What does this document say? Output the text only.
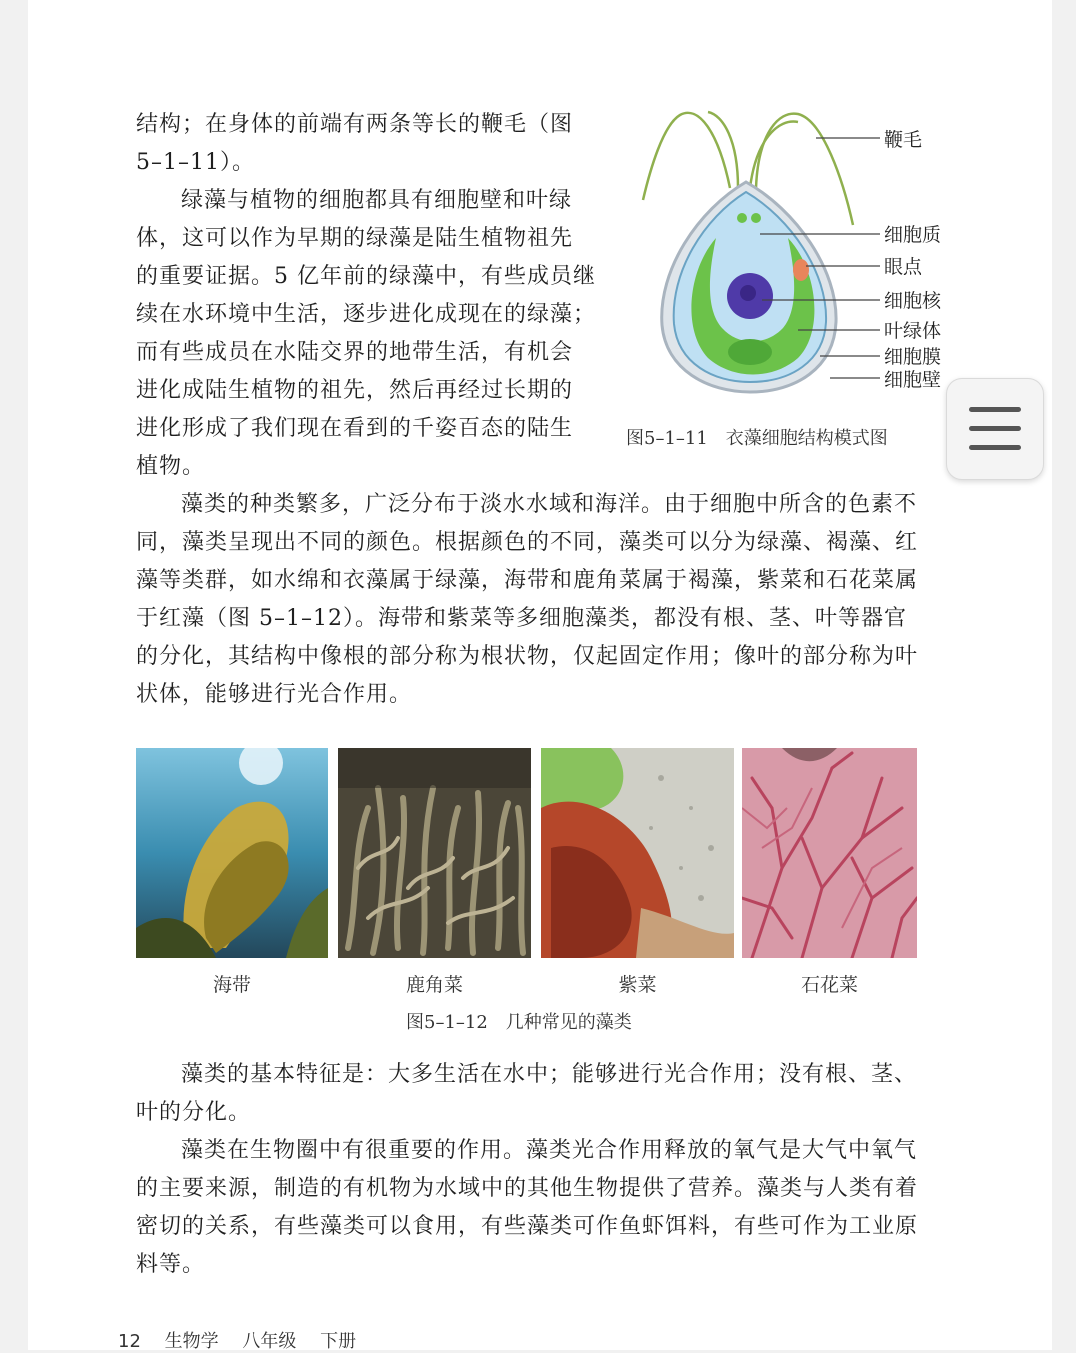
结构；在身体的前端有两条等长的鞭毛（图
5–1–11）。

绿藻与植物的细胞都具有细胞壁和叶绿
体，这可以作为早期的绿藻是陆生植物祖先
的重要证据。5 亿年前的绿藻中，有些成员继
续在水环境中生活，逐步进化成现在的绿藻；
而有些成员在水陆交界的地带生活，有机会
进化成陆生植物的祖先，然后再经过长期的
进化形成了我们现在看到的千姿百态的陆生
植物。

鞭毛
细胞质
眼点
细胞核
叶绿体
细胞膜
细胞壁
图5–1–11　衣藻细胞结构模式图

藻类的种类繁多，广泛分布于淡水水域和海洋。由于细胞中所含的色素不
同，藻类呈现出不同的颜色。根据颜色的不同，藻类可以分为绿藻、褐藻、红
藻等类群，如水绵和衣藻属于绿藻，海带和鹿角菜属于褐藻，紫菜和石花菜属
于红藻（图 5–1–12）。海带和紫菜等多细胞藻类，都没有根、茎、叶等器官
的分化，其结构中像根的部分称为根状物，仅起固定作用；像叶的部分称为叶
状体，能够进行光合作用。

海带	鹿角菜	紫菜	石花菜
图5–1–12　几种常见的藻类

藻类的基本特征是：大多生活在水中；能够进行光合作用；没有根、茎、
叶的分化。

藻类在生物圈中有很重要的作用。藻类光合作用释放的氧气是大气中氧气
的主要来源，制造的有机物为水域中的其他生物提供了营养。藻类与人类有着
密切的关系，有些藻类可以食用，有些藻类可作鱼虾饵料，有些可作为工业原
料等。

12 生物学 八年级 下册
